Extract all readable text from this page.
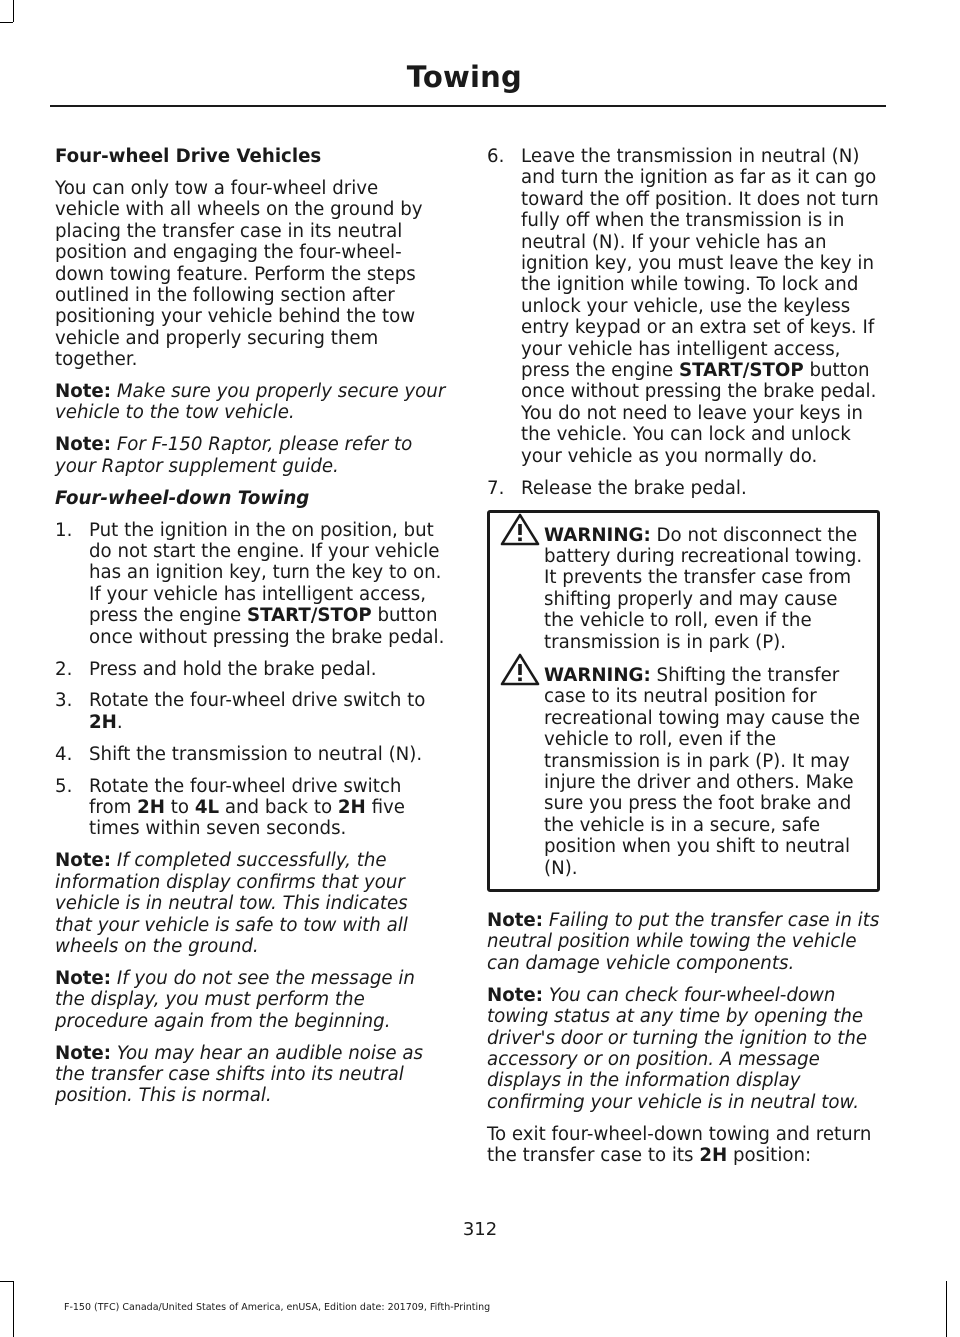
Towing

Four-wheel Drive Vehicles

You can only tow a four-wheel drive vehicle with all wheels on the ground by placing the transfer case in its neutral position and engaging the four-wheel-down towing feature. Perform the steps outlined in the following section after positioning your vehicle behind the tow vehicle and properly securing them together.

Note: Make sure you properly secure your vehicle to the tow vehicle.

Note: For F-150 Raptor, please refer to your Raptor supplement guide.

Four-wheel-down Towing

1. Put the ignition in the on position, but do not start the engine. If your vehicle has an ignition key, turn the key to on. If your vehicle has intelligent access, press the engine START/STOP button once without pressing the brake pedal.
2. Press and hold the brake pedal.
3. Rotate the four-wheel drive switch to 2H.
4. Shift the transmission to neutral (N).
5. Rotate the four-wheel drive switch from 2H to 4L and back to 2H five times within seven seconds.

Note: If completed successfully, the information display confirms that your vehicle is in neutral tow. This indicates that your vehicle is safe to tow with all wheels on the ground.

Note: If you do not see the message in the display, you must perform the procedure again from the beginning.

Note: You may hear an audible noise as the transfer case shifts into its neutral position. This is normal.

6. Leave the transmission in neutral (N) and turn the ignition as far as it can go toward the off position. It does not turn fully off when the transmission is in neutral (N). If your vehicle has an ignition key, you must leave the key in the ignition while towing. To lock and unlock your vehicle, use the keyless entry keypad or an extra set of keys. If your vehicle has intelligent access, press the engine START/STOP button once without pressing the brake pedal. You do not need to leave your keys in the vehicle. You can lock and unlock your vehicle as you normally do.
7. Release the brake pedal.
WARNING: Do not disconnect the battery during recreational towing. It prevents the transfer case from shifting properly and may cause the vehicle to roll, even if the transmission is in park (P).
WARNING: Shifting the transfer case to its neutral position for recreational towing may cause the vehicle to roll, even if the transmission is in park (P). It may injure the driver and others. Make sure you press the foot brake and the vehicle is in a secure, safe position when you shift to neutral (N).

Note: Failing to put the transfer case in its neutral position while towing the vehicle can damage vehicle components.

Note: You can check four-wheel-down towing status at any time by opening the driver's door or turning the ignition to the accessory or on position. A message displays in the information display confirming your vehicle is in neutral tow.

To exit four-wheel-down towing and return the transfer case to its 2H position:

312
F-150 (TFC) Canada/United States of America, enUSA, Edition date: 201709, Fifth-Printing
